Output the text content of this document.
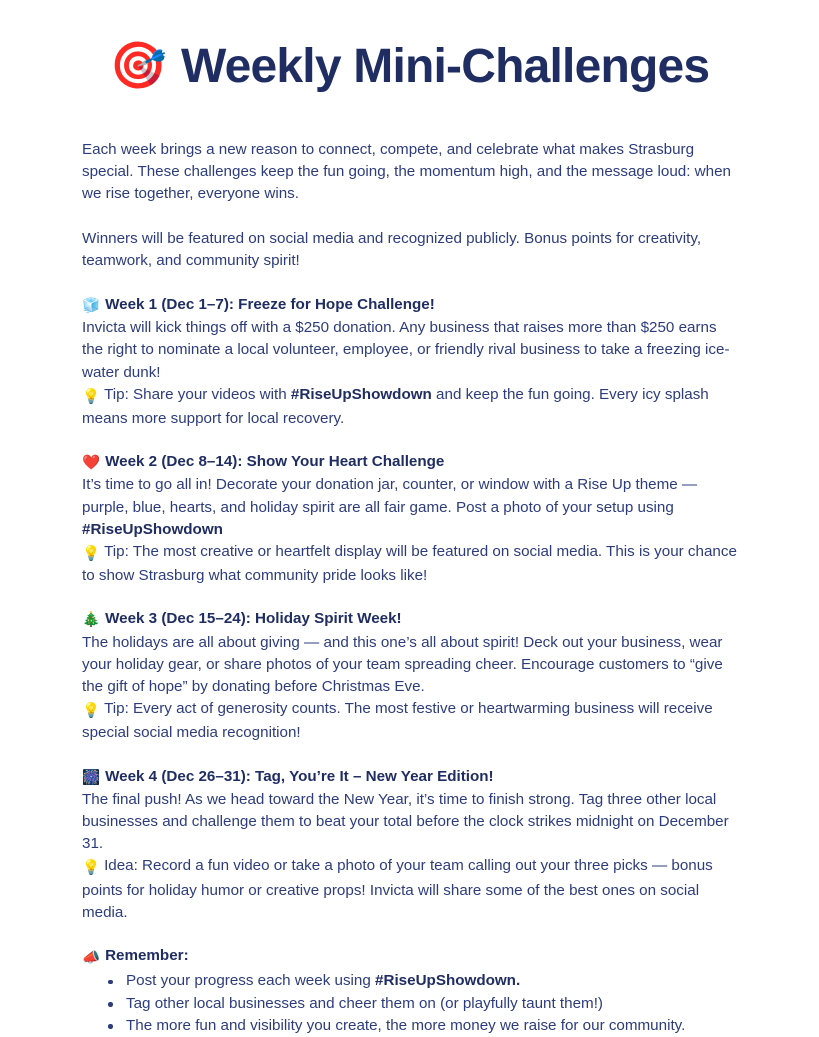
🎯 Weekly Mini-Challenges

Each week brings a new reason to connect, compete, and celebrate what makes Strasburg special. These challenges keep the fun going, the momentum high, and the message loud: when we rise together, everyone wins.

Winners will be featured on social media and recognized publicly. Bonus points for creativity, teamwork, and community spirit!

🧊 Week 1 (Dec 1–7): Freeze for Hope Challenge!
Invicta will kick things off with a $250 donation. Any business that raises more than $250 earns the right to nominate a local volunteer, employee, or friendly rival business to take a freezing ice-water dunk!
💡 Tip: Share your videos with #RiseUpShowdown and keep the fun going. Every icy splash means more support for local recovery.
❤️ Week 2 (Dec 8–14): Show Your Heart Challenge
It’s time to go all in! Decorate your donation jar, counter, or window with a Rise Up theme — purple, blue, hearts, and holiday spirit are all fair game. Post a photo of your setup using #RiseUpShowdown
💡 Tip: The most creative or heartfelt display will be featured on social media. This is your chance to show Strasburg what community pride looks like!
🎄 Week 3 (Dec 15–24): Holiday Spirit Week!
The holidays are all about giving — and this one’s all about spirit! Deck out your business, wear your holiday gear, or share photos of your team spreading cheer. Encourage customers to “give the gift of hope” by donating before Christmas Eve.
💡 Tip: Every act of generosity counts. The most festive or heartwarming business will receive special social media recognition!
🎆 Week 4 (Dec 26–31): Tag, You’re It – New Year Edition!
The final push! As we head toward the New Year, it’s time to finish strong. Tag three other local businesses and challenge them to beat your total before the clock strikes midnight on December 31.
💡 Idea: Record a fun video or take a photo of your team calling out your three picks — bonus points for holiday humor or creative props! Invicta will share some of the best ones on social media.
📣 Remember:
Post your progress each week using #RiseUpShowdown.
Tag other local businesses and cheer them on (or playfully taunt them!)
The more fun and visibility you create, the more money we raise for our community.
